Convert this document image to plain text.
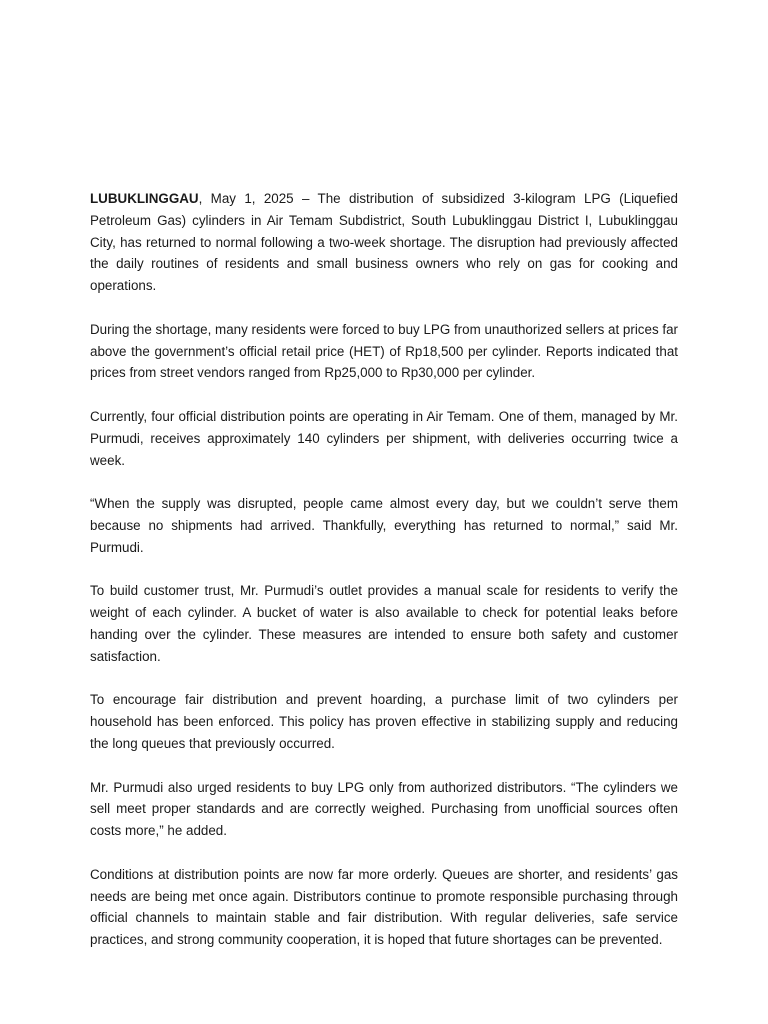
LUBUKLINGGAU, May 1, 2025 – The distribution of subsidized 3-kilogram LPG (Liquefied Petroleum Gas) cylinders in Air Temam Subdistrict, South Lubuklinggau District I, Lubuklinggau City, has returned to normal following a two-week shortage. The disruption had previously affected the daily routines of residents and small business owners who rely on gas for cooking and operations.

During the shortage, many residents were forced to buy LPG from unauthorized sellers at prices far above the government’s official retail price (HET) of Rp18,500 per cylinder. Reports indicated that prices from street vendors ranged from Rp25,000 to Rp30,000 per cylinder.

Currently, four official distribution points are operating in Air Temam. One of them, managed by Mr. Purmudi, receives approximately 140 cylinders per shipment, with deliveries occurring twice a week.

“When the supply was disrupted, people came almost every day, but we couldn’t serve them because no shipments had arrived. Thankfully, everything has returned to normal,” said Mr. Purmudi.

To build customer trust, Mr. Purmudi’s outlet provides a manual scale for residents to verify the weight of each cylinder. A bucket of water is also available to check for potential leaks before handing over the cylinder. These measures are intended to ensure both safety and customer satisfaction.

To encourage fair distribution and prevent hoarding, a purchase limit of two cylinders per household has been enforced. This policy has proven effective in stabilizing supply and reducing the long queues that previously occurred.

Mr. Purmudi also urged residents to buy LPG only from authorized distributors. “The cylinders we sell meet proper standards and are correctly weighed. Purchasing from unofficial sources often costs more,” he added.

Conditions at distribution points are now far more orderly. Queues are shorter, and residents’ gas needs are being met once again. Distributors continue to promote responsible purchasing through official channels to maintain stable and fair distribution. With regular deliveries, safe service practices, and strong community cooperation, it is hoped that future shortages can be prevented.
